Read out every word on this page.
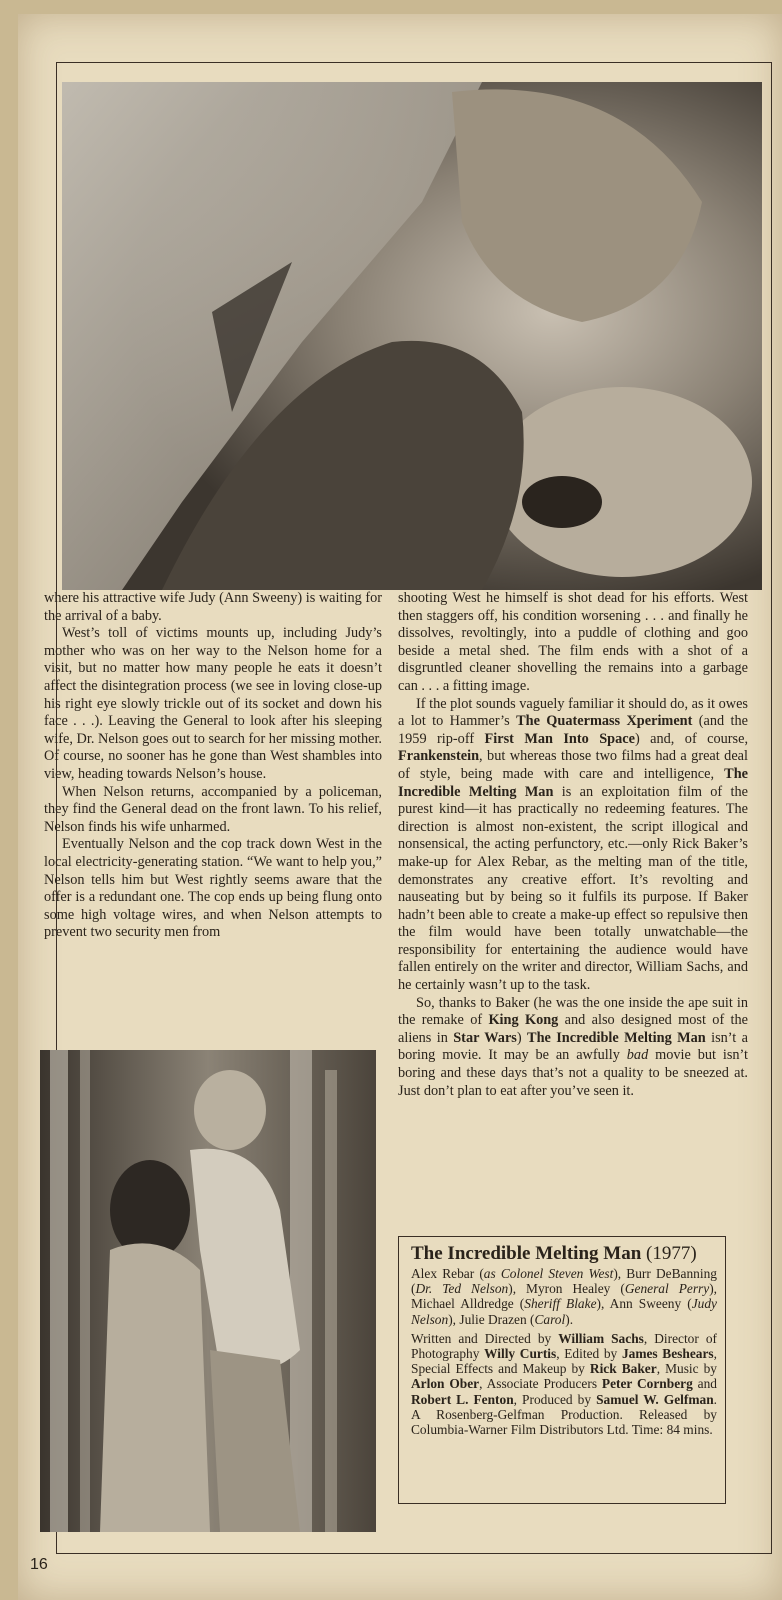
where his attractive wife Judy (Ann Sweeny) is waiting for the arrival of a baby.

West’s toll of victims mounts up, including Judy’s mother who was on her way to the Nelson home for a visit, but no matter how many people he eats it doesn’t affect the disintegration process (we see in loving close-up his right eye slowly trickle out of its socket and down his face . . .). Leaving the General to look after his sleeping wife, Dr. Nelson goes out to search for her missing mother. Of course, no sooner has he gone than West shambles into view, heading towards Nelson’s house.

When Nelson returns, accompanied by a policeman, they find the General dead on the front lawn. To his relief, Nelson finds his wife unharmed.

Eventually Nelson and the cop track down West in the local electricity-generating station. “We want to help you,” Nelson tells him but West rightly seems aware that the offer is a redundant one. The cop ends up being flung onto some high voltage wires, and when Nelson attempts to prevent two security men from

shooting West he himself is shot dead for his efforts. West then staggers off, his condition worsening . . . and finally he dissolves, revoltingly, into a puddle of clothing and goo beside a metal shed. The film ends with a shot of a disgruntled cleaner shovelling the remains into a garbage can . . . a fitting image.

If the plot sounds vaguely familiar it should do, as it owes a lot to Hammer’s The Quatermass Xperiment (and the 1959 rip-off First Man Into Space) and, of course, Frankenstein, but whereas those two films had a great deal of style, being made with care and intelligence, The Incredible Melting Man is an exploitation film of the purest kind—it has practically no redeeming features. The direction is almost non-existent, the script illogical and nonsensical, the acting perfunctory, etc.—only Rick Baker’s make-up for Alex Rebar, as the melting man of the title, demonstrates any creative effort. It’s revolting and nauseating but by being so it fulfils its purpose. If Baker hadn’t been able to create a make-up effect so repulsive then the film would have been totally unwatchable—the responsibility for entertaining the audience would have fallen entirely on the writer and director, William Sachs, and he certainly wasn’t up to the task.

So, thanks to Baker (he was the one inside the ape suit in the remake of King Kong and also designed most of the aliens in Star Wars) The Incredible Melting Man isn’t a boring movie. It may be an awfully bad movie but isn’t boring and these days that’s not a quality to be sneezed at. Just don’t plan to eat after you’ve seen it.

The Incredible Melting Man (1977)

Alex Rebar (as Colonel Steven West), Burr DeBanning (Dr. Ted Nelson), Myron Healey (General Perry), Michael Alldredge (Sheriff Blake), Ann Sweeny (Judy Nelson), Julie Drazen (Carol).

Written and Directed by William Sachs, Director of Photography Willy Curtis, Edited by James Beshears, Special Effects and Makeup by Rick Baker, Music by Arlon Ober, Associate Producers Peter Cornberg and Robert L. Fenton, Produced by Samuel W. Gelfman. A Rosenberg-Gelfman Production. Released by Columbia-Warner Film Distributors Ltd. Time: 84 mins.

16
